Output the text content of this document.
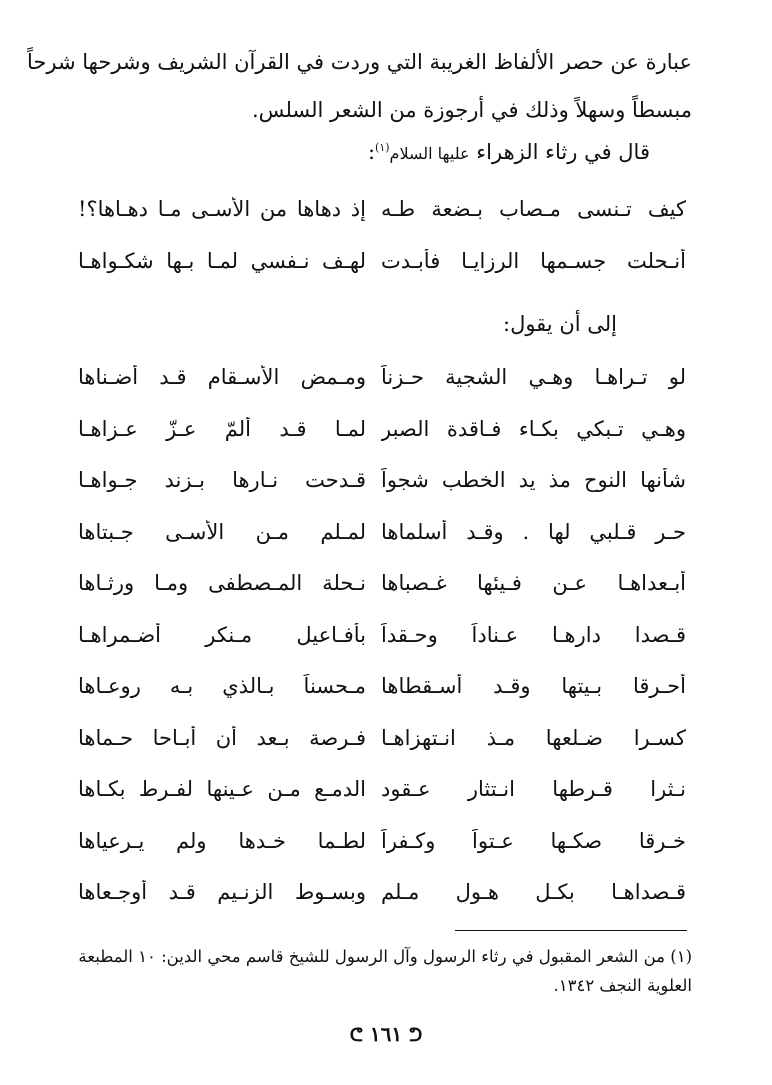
عبارة عن حصر الألفاظ الغريبة التي وردت في القرآن الشريف وشرحها شرحاً
مبسطاً وسهلاً وذلك في أرجوزة من الشعر السلس.
قال في رثاء الزهراء عليها السلام$^{(١)}$:
كيف تـنسى مـصاب بـضعة طـه
إذ دهاها من الأسـى مـا دهـاها؟!
أنـحلت جسـمها الرزايـا فأبـدت
لهـف نـفسي لمـا بـها شكـواهـا
إلى أن يقول:
لو تـراهـا وهـي الشجية حـزناً
ومـمض الأسـقام قـد أضـناها
وهـي تـبكي بكـاء فـاقدة الصبر
لمـا قـد ألمّ عـزّ عـزاهـا
شأنها النوح مذ يد الخطب شجواً
قـدحت نـارها بـزند جـواهـا
حـر قـلبي لها . وقـد أسلماها
لمـلم مـن الأسـى جـبتاها
أبـعداهـا عـن فـيئها غـصباها
نـحلة المـصطفى ومـا ورثـاها
قـصدا دارهـا عـناداً وحـقداً
بأفـاعيل مـنكر أضـمراهـا
أحـرقا بـيتها وقـد أسـقطاها
مـحسناً بـالذي بـه روعـاها
كسـرا ضـلعها مـذ انـتهزاهـا
فـرصة بـعد أن أبـاحا حـماها
نـثرا قـرطها انـتثار عـقود
الدمـع مـن عـينها لفـرط بكـاها
خـرقا صكـها عـتواً وكـفراً
لطـما خـدها ولم يـرعياها
قـصداهـا بكـل هـولٍ مـلم
وبسـوط الزنـيم قـد أوجـعاها
(١) من الشعر المقبول في رثاء الرسول وآل الرسول للشيخ قاسم محي الدين: ١٠ المطبعة
العلوية النجف ١٣٤٢.
ᕦ ١٦١ ᕤ
